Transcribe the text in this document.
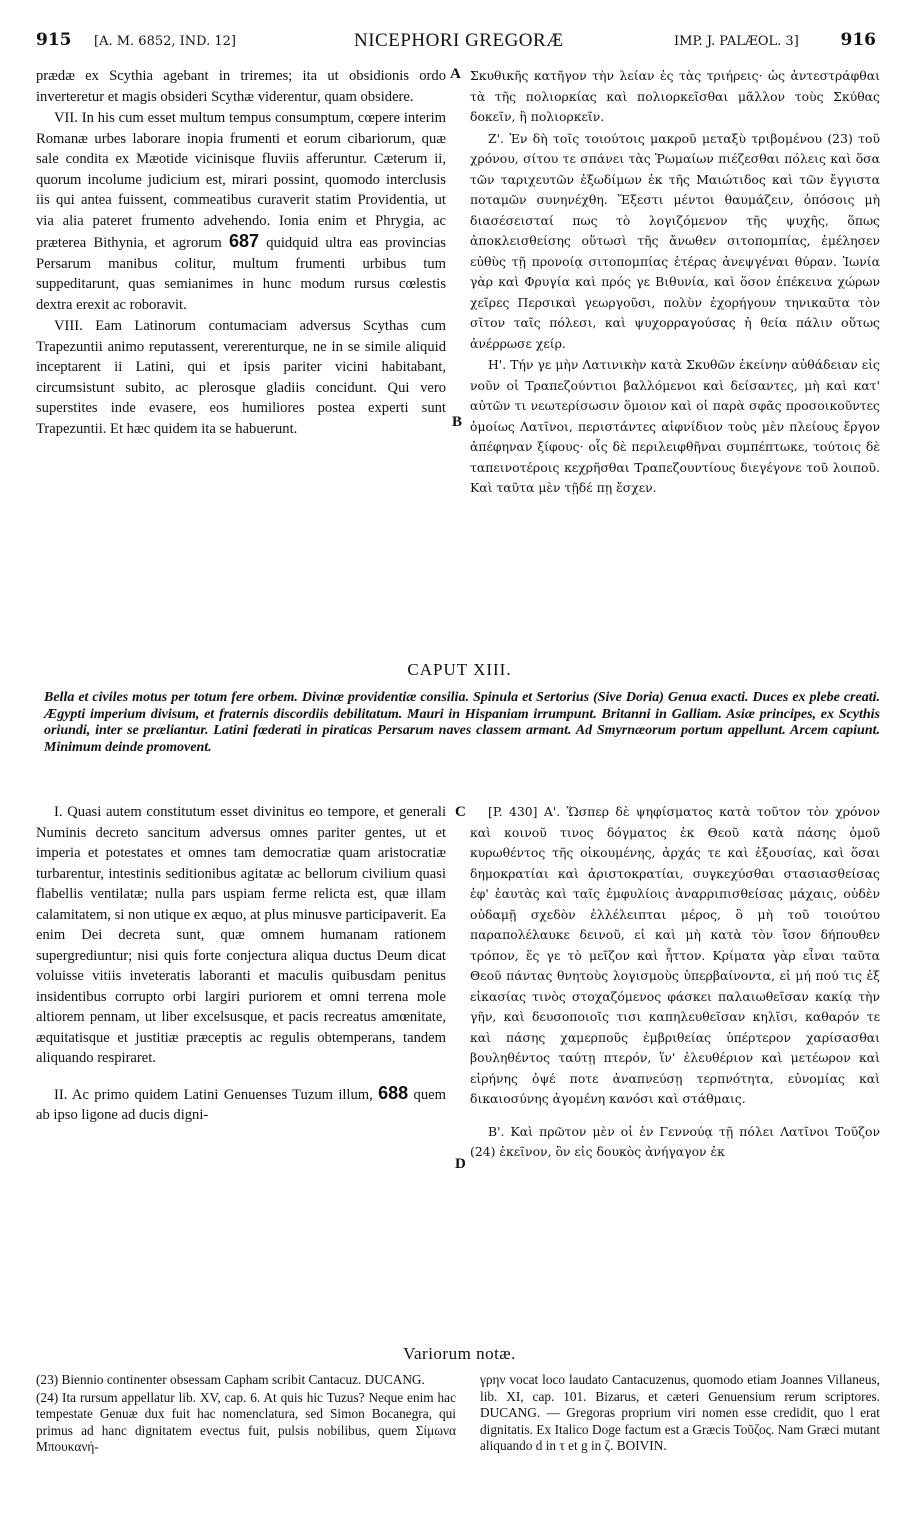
915 [A. M. 6852, IND. 12]	NICEPHORI GREGORÆ	IMP. J. PALÆOL. 3] 916

prædæ ex Scythia agebant in triremes; ita ut obsidionis ordo inverteretur et magis obsideri Scythæ viderentur, quam obsidere.

VII. In his cum esset multum tempus consumptum, cœpere interim Romanæ urbes laborare inopia frumenti et eorum cibariorum, quæ sale condita ex Mæotide vicinisque fluviis afferuntur. Cæterum ii, quorum incolume judicium est, mirari possint, quomodo interclusis iis qui antea fuissent, commeatibus curaverit statim Providentia, ut via alia pateret frumento advehendo. Ionia enim et Phrygia, ac præterea Bithynia, et agrorum 687 quidquid ultra eas provincias Persarum manibus colitur, multum frumenti urbibus tum suppeditarunt, quas semianimes in hunc modum rursus cœlestis dextra erexit ac roboravit.

VIII. Eam Latinorum contumaciam adversus Scythas cum Trapezuntii animo reputassent, vererenturque, ne in se simile aliquid inceptarent ii Latini, qui et ipsis pariter vicini habitabant, circumsistunt subito, ac plerosque gladiis concidunt. Qui vero superstites inde evasere, eos humiliores postea experti sunt Trapezuntii. Et hæc quidem ita se habuerunt.

A
B

Σκυθικῆς κατῆγον τὴν λείαν ἐς τὰς τριήρεις· ὡς ἀντεστράφθαι τὰ τῆς πολιορκίας καὶ πολιορκεῖσθαι μᾶλλον τοὺς Σκύθας δοκεῖν, ἢ πολιορκεῖν.

Ζ'. Ἐν δὴ τοῖς τοιούτοις μακροῦ μεταξὺ τριβομένου (23) τοῦ χρόνου, σίτου τε σπάνει τὰς Ῥωμαίων πιέζεσθαι πόλεις καὶ ὅσα τῶν ταριχευτῶν ἐξωδίμων ἐκ τῆς Μαιώτιδος καὶ τῶν ἔγγιστα ποταμῶν συνηνέχθη. Ἔξεστι μέντοι θαυμάζειν, ὁπόσοις μὴ διασέσεισταί πως τὸ λογιζόμενον τῆς ψυχῆς, ὅπως ἀποκλεισθείσης οὕτωσὶ τῆς ἄνωθεν σιτοπομπίας, ἐμέλησεν εὐθὺς τῇ προνοίᾳ σιτοπομπίας ἑτέρας ἀνεψγέναι θύραν. Ἰωνία γὰρ καὶ Φρυγία καὶ πρός γε Βιθυνία, καὶ ὅσον ἐπέκεινα χώρων χεῖρες Περσικαὶ γεωργοῦσι, πολὺν ἐχορήγουν τηνικαῦτα τὸν σῖτον ταῖς πόλεσι, καὶ ψυχορραγούσας ἡ θεία πάλιν οὕτως ἀνέρρωσε χείρ.

Η'. Τήν γε μὴν Λατινικὴν κατὰ Σκυθῶν ἐκείνην αὐθάδειαν εἰς νοῦν οἱ Τραπεζούντιοι βαλλόμενοι καὶ δείσαντες, μὴ καὶ κατ' αὐτῶν τι νεωτερίσωσιν ὅμοιον καὶ οἱ παρὰ σφᾶς προσοικοῦντες ὁμοίως Λατῖνοι, περιστάντες αἰφνίδιον τοὺς μὲν πλείους ἔργον ἀπέφηναν ξίφους· οἷς δὲ περιλειφθῆναι συμπέπτωκε, τούτοις δὲ ταπεινοτέροις κεχρῆσθαι Τραπεζουντίους διεγέγονε τοῦ λοιποῦ. Καὶ ταῦτα μὲν τῇδέ πῃ ἔσχεν.

CAPUT XIII.
Bella et civiles motus per totum fere orbem. Divinæ providentiæ consilia. Spinula et Sertorius (Sive Doria) Genua exacti. Duces ex plebe creati. Ægypti imperium divisum, et fraternis discordiis debilitatum. Mauri in Hispaniam irrumpunt. Britanni in Galliam. Asiæ principes, ex Scythis oriundi, inter se præliantur. Latini fœderati in piraticas Persarum naves classem armant. Ad Smyrnæorum portum appellunt. Arcem capiunt. Minimum deinde promovent.

I. Quasi autem constitutum esset divinitus eo tempore, et generali Numinis decreto sancitum adversus omnes pariter gentes, ut et imperia et potestates et omnes tam democratiæ quam aristocratiæ turbarentur, intestinis seditionibus agitatæ ac bellorum civilium quasi flabellis ventilatæ; nulla pars uspiam ferme relicta est, quæ illam calamitatem, si non utique ex æquo, at plus minusve participaverit. Ea enim Dei decreta sunt, quæ omnem humanam rationem supergrediuntur; nisi quis forte conjectura aliqua ductus Deum dicat voluisse vitiis inveteratis laboranti et maculis quibusdam penitus insidentibus corrupto orbi largiri puriorem et omni terrena mole altiorem pennam, ut liber excelsusque, et pacis recreatus amœnitate, æquitatisque et justitiæ præceptis ac regulis obtemperans, tandem aliquando respiraret.

II. Ac primo quidem Latini Genuenses Tuzum illum, 688 quem ab ipso ligone ad ducis digni-

C
D

[P. 430] Α'. Ὥσπερ δὲ ψηφίσματος κατὰ τοῦτον τὸν χρόνον καὶ κοινοῦ τινος δόγματος ἐκ Θεοῦ κατὰ πάσης ὁμοῦ κυρωθέντος τῆς οἰκουμένης, ἀρχάς τε καὶ ἐξουσίας, καὶ ὅσαι δημοκρατίαι καὶ ἀριστοκρατίαι, συγκεχύσθαι στασιασθείσας ἐφ' ἑαυτὰς καὶ ταῖς ἐμφυλίοις ἀναρριπισθείσας μάχαις, οὐδὲν οὐδαμῇ σχεδὸν ἐλλέλειπται μέρος, ὃ μὴ τοῦ τοιούτου παραπολέλαυκε δεινοῦ, εἰ καὶ μὴ κατὰ τὸν ἴσον δήπουθεν τρόπον, ἕς γε τὸ μεῖζον καὶ ἧττον. Κρίματα γὰρ εἶναι ταῦτα Θεοῦ πάντας θνητοὺς λογισμοὺς ὑπερβαίνοντα, εἰ μή πού τις ἐξ εἰκασίας τινὸς στοχαζόμενος φάσκει παλαιωθεῖσαν κακίᾳ τὴν γῆν, καὶ δευσοποιοῖς τισι καπηλευθεῖσαν κηλῖσι, καθαρόν τε καὶ πάσης χαμερποῦς ἐμβριθείας ὑπέρτερον χαρίσασθαι βουληθέντος ταύτῃ πτερόν, ἵν' ἐλευθέριον καὶ μετέωρον καὶ εἰρήνης ὀψέ ποτε ἀναπνεύσῃ τερπνότητα, εὐνομίας καὶ δικαιοσύνης ἀγομένη κανόσι καὶ στάθμαις.

Β'. Καὶ πρῶτον μὲν οἱ ἐν Γεννούᾳ τῇ πόλει Λατῖνοι Τοῦζον (24) ἐκεῖνον, ὃν εἰς δουκὸς ἀνήγαγον ἐκ

Variorum notæ.

(23) Biennio continenter obsessam Capham scribit Cantacuz. DUCANG.

(24) Ita rursum appellatur lib. XV, cap. 6. At quis hic Tuzus? Neque enim hac tempestate Genuæ dux fuit hac nomenclatura, sed Simon Bocanegra, qui primus ad hanc dignitatem evectus fuit, pulsis nobilibus, quem Σίμωνα Μπουκανή-

γρην vocat loco laudato Cantacuzenus, quomodo etiam Joannes Villaneus, lib. XI, cap. 101. Bizarus, et cæteri Genuensium rerum scriptores. DUCANG. — Gregoras proprium viri nomen esse credidit, quo l erat dignitatis. Ex Italico Doge factum est a Græcis Τοῦζος. Nam Græci mutant aliquando d in τ et g in ζ. BOIVIN.
